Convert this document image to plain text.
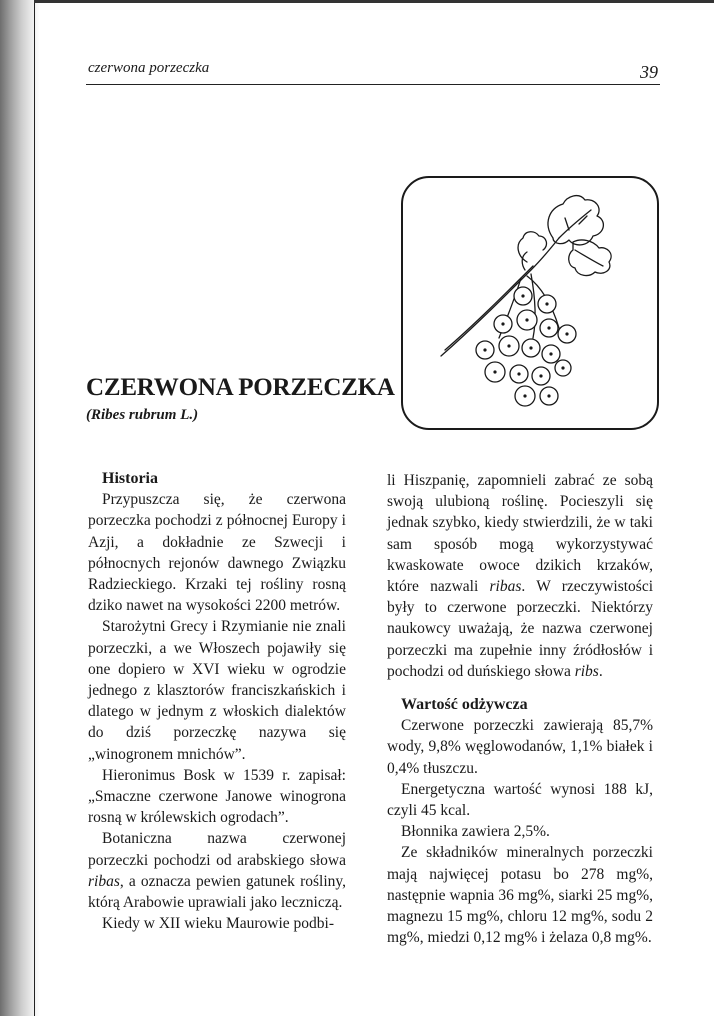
czerwona porzeczka	39
CZERWONA PORZECZKA
(Ribes rubrum L.)
Historia

Przypuszcza się, że czerwona porzeczka pochodzi z północnej Europy i Azji, a dokładnie ze Szwecji i północnych rejonów dawnego Związku Radzieckiego. Krzaki tej rośliny rosną dziko nawet na wysokości 2200 metrów.

Starożytni Grecy i Rzymianie nie znali porzeczki, a we Włoszech pojawiły się one dopiero w XVI wieku w ogrodzie jednego z klasztorów franciszkańskich i dlatego w jednym z włoskich dialektów do dziś porzeczkę nazywa się „winogronem mnichów”.

Hieronimus Bosk w 1539 r. zapisał: „Smaczne czerwone Janowe winogrona rosną w królewskich ogrodach”.

Botaniczna nazwa czerwonej porzeczki pochodzi od arabskiego słowa ribas, a oznacza pewien gatunek rośliny, którą Arabowie uprawiali jako leczniczą.

Kiedy w XII wieku Maurowie podbi-

li Hiszpanię, zapomnieli zabrać ze sobą swoją ulubioną roślinę. Pocieszyli się jednak szybko, kiedy stwierdzili, że w taki sam sposób mogą wykorzystywać kwaskowate owoce dzikich krzaków, które nazwali ribas. W rzeczywistości były to czerwone porzeczki. Niektórzy naukowcy uważają, że nazwa czerwonej porzeczki ma zupełnie inny źródłosłów i pochodzi od duńskiego słowa ribs.

Wartość odżywcza

Czerwone porzeczki zawierają 85,7% wody, 9,8% węglowodanów, 1,1% białek i 0,4% tłuszczu.

Energetyczna wartość wynosi 188 kJ, czyli 45 kcal.

Błonnika zawiera 2,5%.

Ze składników mineralnych porzeczki mają najwięcej potasu bo 278 mg%, następnie wapnia 36 mg%, siarki 25 mg%, magnezu 15 mg%, chloru 12 mg%, sodu 2 mg%, miedzi 0,12 mg% i żelaza 0,8 mg%.
